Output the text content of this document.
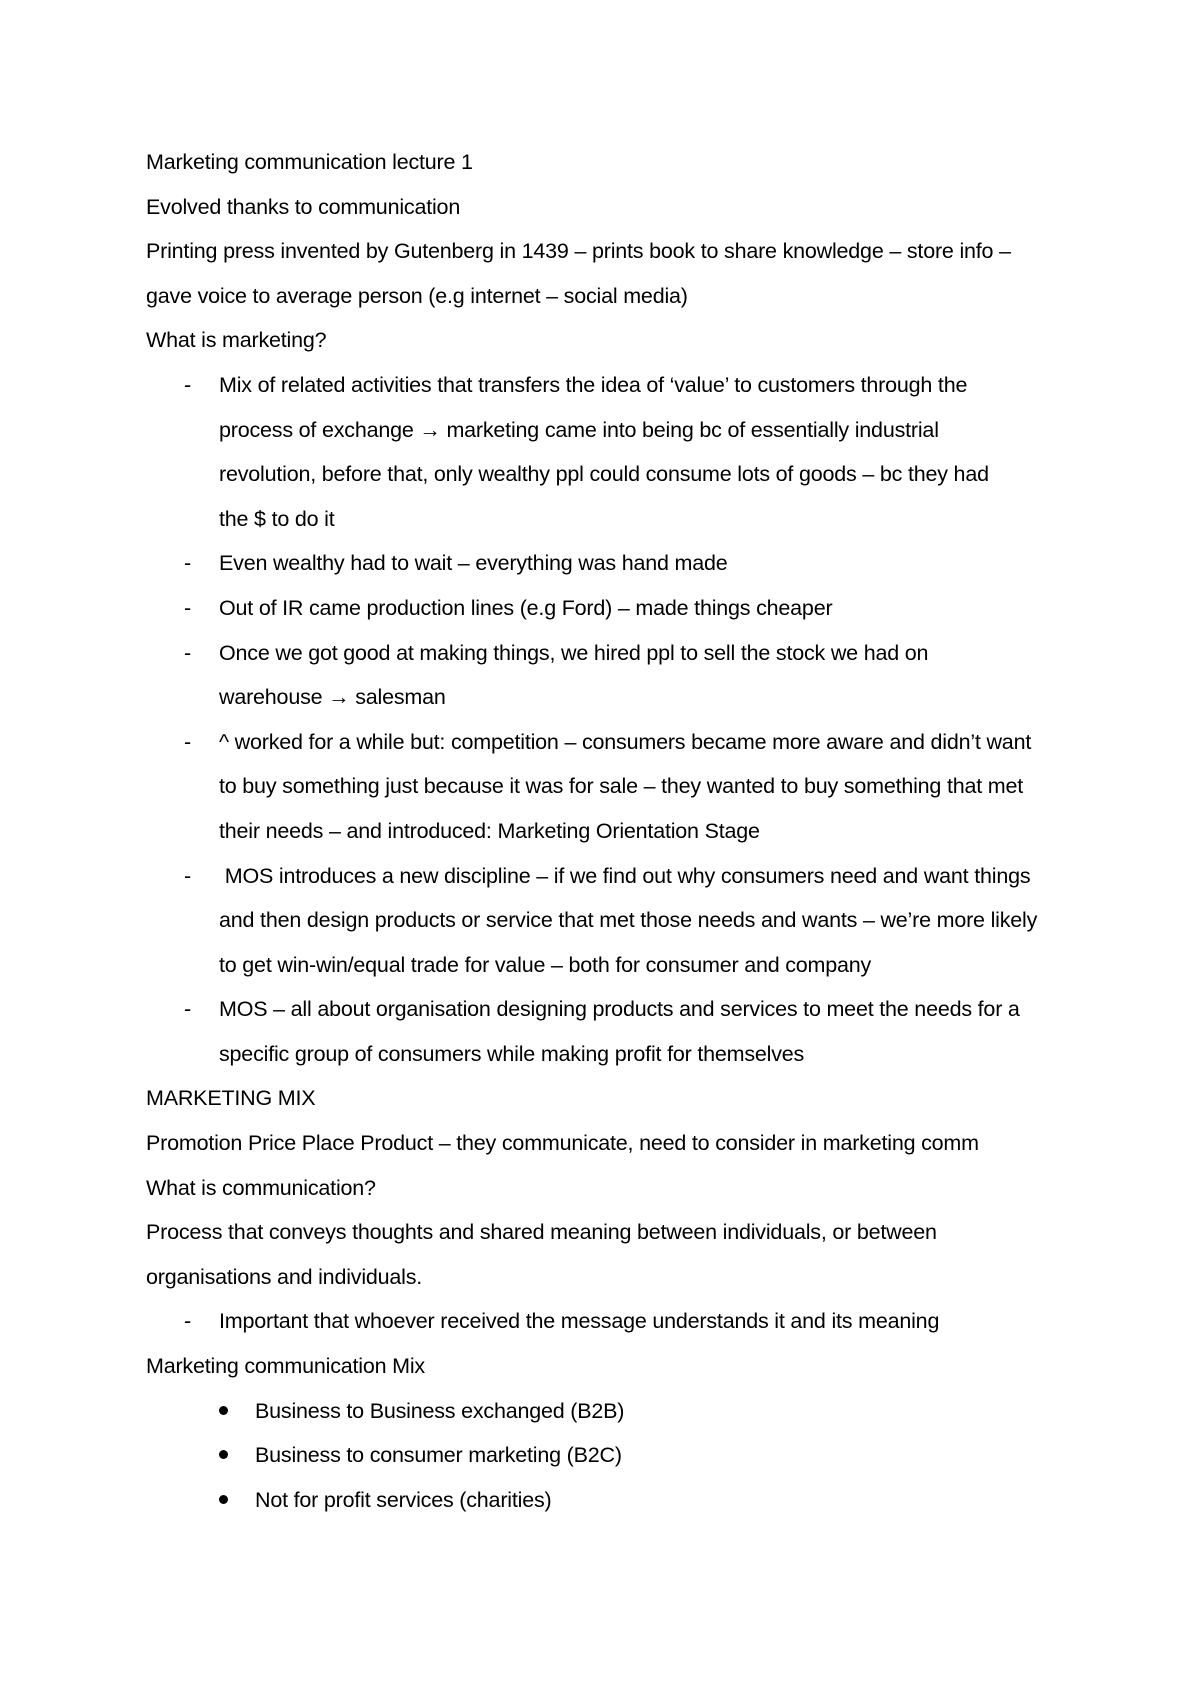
Marketing communication lecture 1

Evolved thanks to communication

Printing press invented by Gutenberg in 1439 – prints book to share knowledge – store info – gave voice to average person (e.g internet – social media)

What is marketing?

- Mix of related activities that transfers the idea of ‘value’ to customers through the process of exchange → marketing came into being bc of essentially industrial revolution, before that, only wealthy ppl could consume lots of goods – bc they had the $ to do it
- Even wealthy had to wait – everything was hand made
- Out of IR came production lines (e.g Ford) – made things cheaper
- Once we got good at making things, we hired ppl to sell the stock we had on warehouse → salesman
- ^ worked for a while but: competition – consumers became more aware and didn’t want to buy something just because it was for sale – they wanted to buy something that met their needs – and introduced: Marketing Orientation Stage
- MOS introduces a new discipline – if we find out why consumers need and want things and then design products or service that met those needs and wants – we’re more likely to get win-win/equal trade for value – both for consumer and company
- MOS – all about organisation designing products and services to meet the needs for a specific group of consumers while making profit for themselves

MARKETING MIX

Promotion Price Place Product – they communicate, need to consider in marketing comm

What is communication?

Process that conveys thoughts and shared meaning between individuals, or between organisations and individuals.

- Important that whoever received the message understands it and its meaning

Marketing communication Mix

Business to Business exchanged (B2B)
Business to consumer marketing (B2C)
Not for profit services (charities)
